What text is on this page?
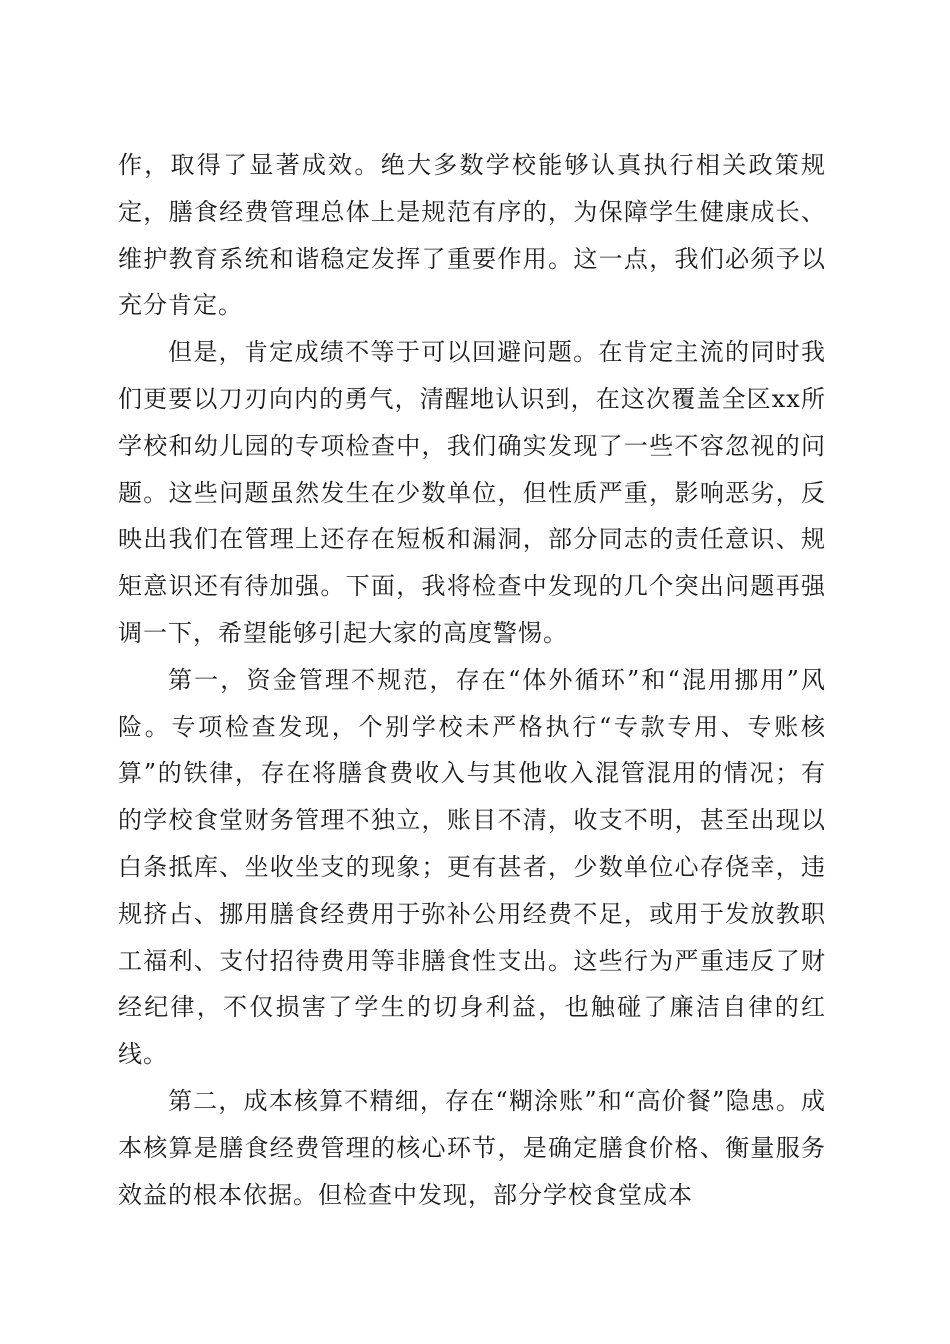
作，取得了显著成效。绝大多数学校能够认真执行相关政策规定，膳食经费管理总体上是规范有序的，为保障学生健康成长、维护教育系统和谐稳定发挥了重要作用。这一点，我们必须予以充分肯定。

但是，肯定成绩不等于可以回避问题。在肯定主流的同时我们更要以刀刃向内的勇气，清醒地认识到，在这次覆盖全区xx所学校和幼儿园的专项检查中，我们确实发现了一些不容忽视的问题。这些问题虽然发生在少数单位，但性质严重，影响恶劣，反映出我们在管理上还存在短板和漏洞，部分同志的责任意识、规矩意识还有待加强。下面，我将检查中发现的几个突出问题再强调一下，希望能够引起大家的高度警惕。

第一，资金管理不规范，存在“体外循环”和“混用挪用”风险。专项检查发现，个别学校未严格执行“专款专用、专账核算”的铁律，存在将膳食费收入与其他收入混管混用的情况；有的学校食堂财务管理不独立，账目不清，收支不明，甚至出现以白条抵库、坐收坐支的现象；更有甚者，少数单位心存侥幸，违规挤占、挪用膳食经费用于弥补公用经费不足，或用于发放教职工福利、支付招待费用等非膳食性支出。这些行为严重违反了财经纪律，不仅损害了学生的切身利益，也触碰了廉洁自律的红线。

第二，成本核算不精细，存在“糊涂账”和“高价餐”隐患。成本核算是膳食经费管理的核心环节，是确定膳食价格、衡量服务效益的根本依据。但检查中发现，部分学校食堂成本
